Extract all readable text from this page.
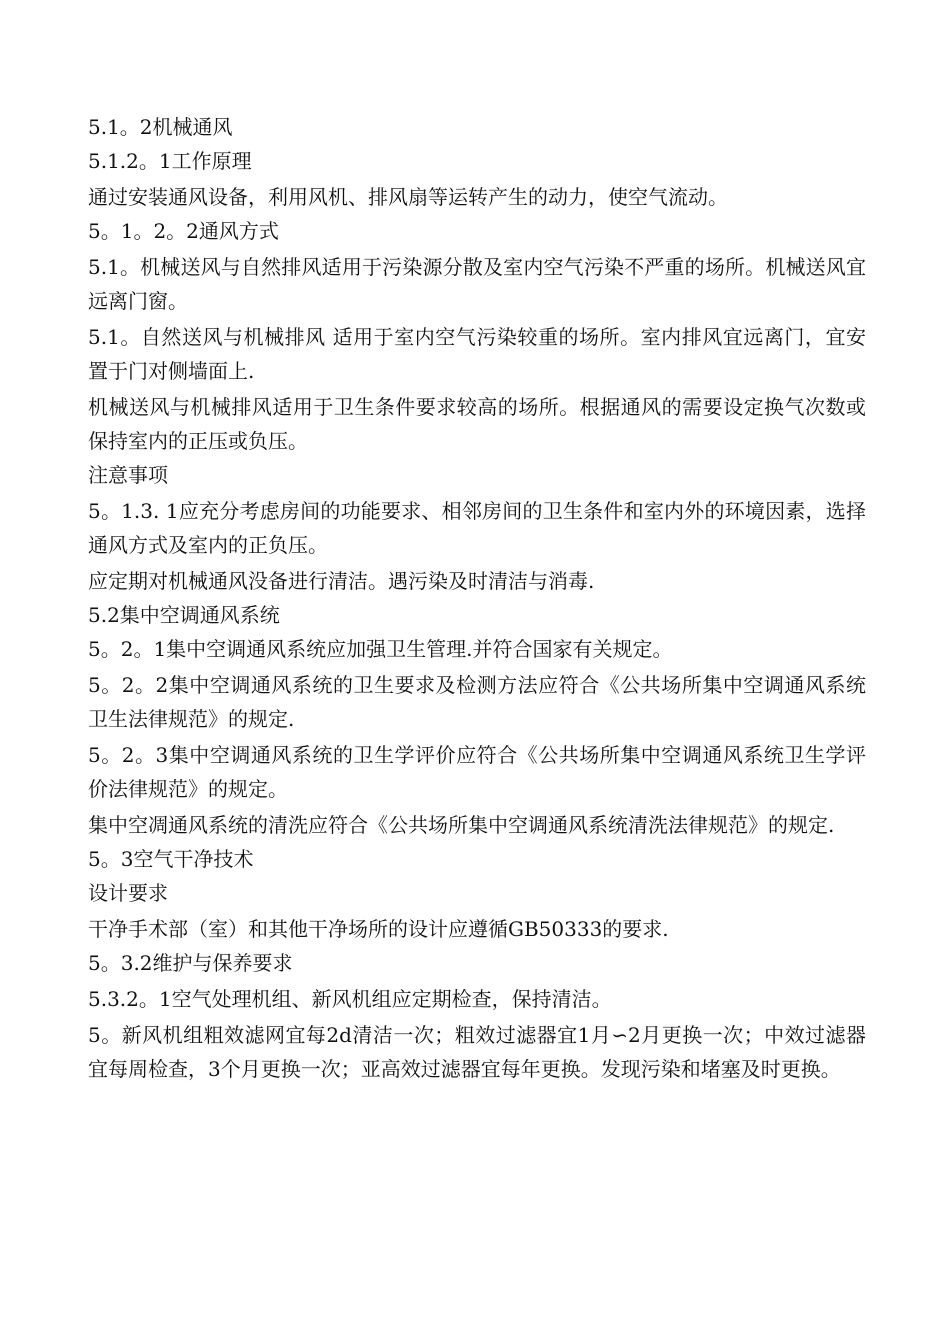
5.1。2机械通风

5.1.2。1工作原理

通过安装通风设备，利用风机、排风扇等运转产生的动力，使空气流动。

5。1。2。2通风方式

5.1。机械送风与自然排风适用于污染源分散及室内空气污染不严重的场所。机械送风宜远离门窗。

5.1。自然送风与机械排风 适用于室内空气污染较重的场所。室内排风宜远离门，宜安置于门对侧墙面上.

机械送风与机械排风适用于卫生条件要求较高的场所。根据通风的需要设定换气次数或保持室内的正压或负压。

注意事项

5。1.3. 1应充分考虑房间的功能要求、相邻房间的卫生条件和室内外的环境因素，选择通风方式及室内的正负压。

应定期对机械通风没备进行清洁。遇污染及时清洁与消毒.

5.2集中空调通风系统

5。2。1集中空调通风系统应加强卫生管理.并符合国家有关规定。

5。2。2集中空调通风系统的卫生要求及检测方法应符合《公共场所集中空调通风系统卫生法律规范》的规定.

5。2。3集中空调通风系统的卫生学评价应符合《公共场所集中空调通风系统卫生学评价法律规范》的规定。

集中空凋通风系统的清洗应符合《公共场所集中空调通风系统清洗法律规范》的规定.

5。3空气干净技术

设计要求

干净手术部（室）和其他干净场所的设计应遵循GB50333的要求.

5。3.2维护与保养要求

5.3.2。1空气处理机组、新风机组应定期检查，保持清洁。

5。新风机组粗效滤网宜每2d清洁一次；粗效过滤器宜1月∽2月更换一次；中效过滤器宜每周检查，3个月更换一次；亚高效过滤器宜每年更换。发现污染和堵塞及时更换。
